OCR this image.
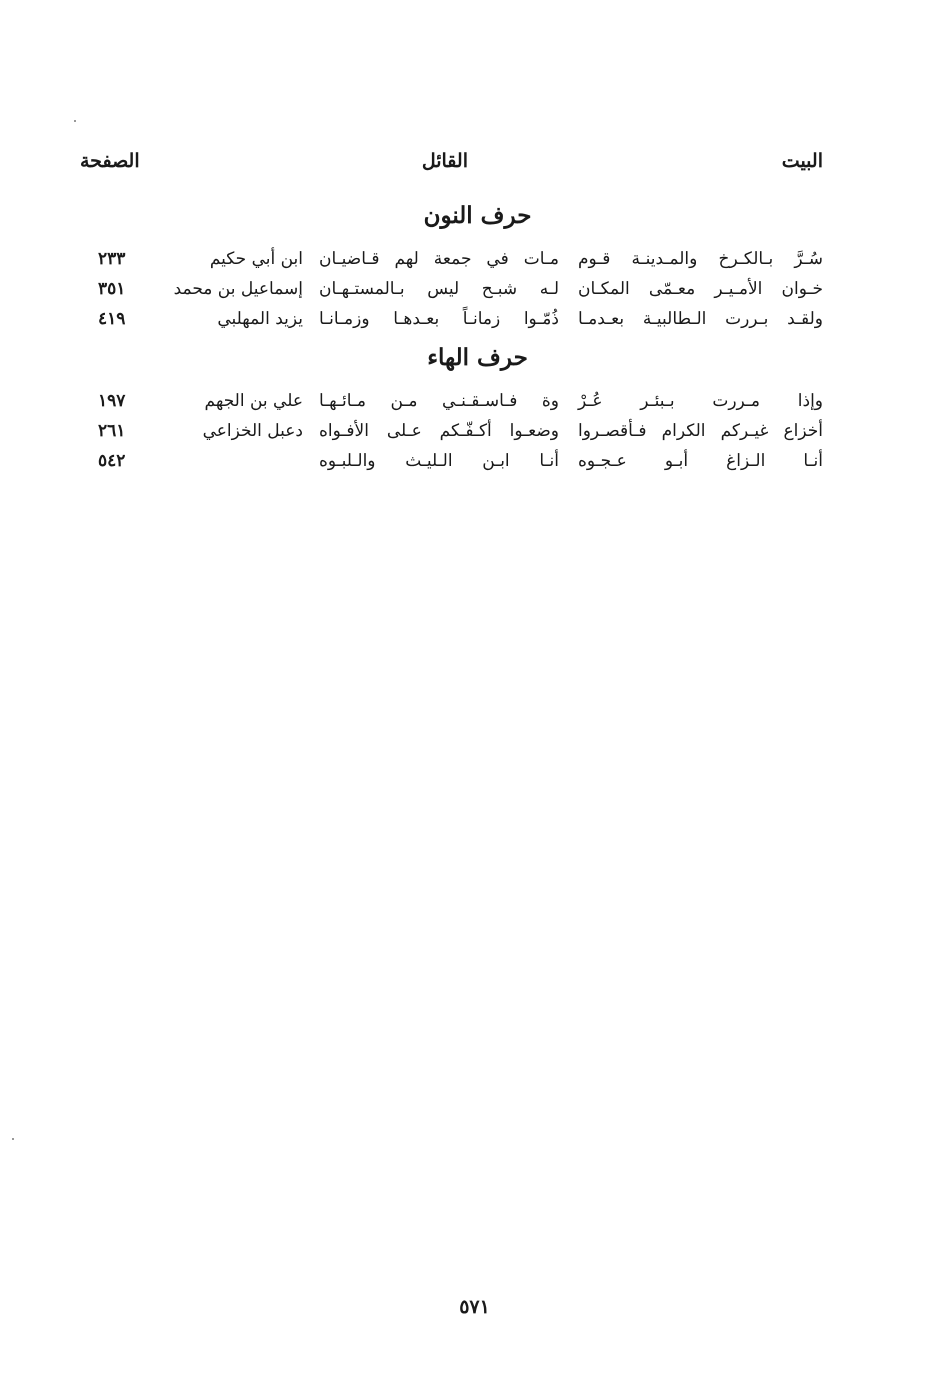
البيت
القائل
الصفحة
حرف النون
سُـرَّ بـالكـرخ والمـدينـة قـوم
مـات في جمعة لهم قـاضيـان
ابن أبي حكيم
٢٣٣
خـوان الأمـيـر معـمّى المكـان
لـه شبـح ليس بـالمستـهـان
إسماعيل بن محمد
٣٥١
ولقـد بـررت الـطالبيـة بعـدمـا
ذُمّـوا زمانـاً بعـدهـا وزمـانـا
يزيد المهلبي
٤١٩
حرف الهاء
وإذا مـررت بـبئـر عُـرْ
وة فـاسـقـنـي مـن مـائـهـا
علي بن الجهم
١٩٧
أخزاع غيـركم الكرام فـأقصـروا
وضعـوا أكـفّـكم عـلى الأفـواه
دعبل الخزاعي
٢٦١
أنـا الـزاغ أبـو عـجـوه
أنـا ابـن الـليـث والـلبـوه
٥٤٢
٥٧١
